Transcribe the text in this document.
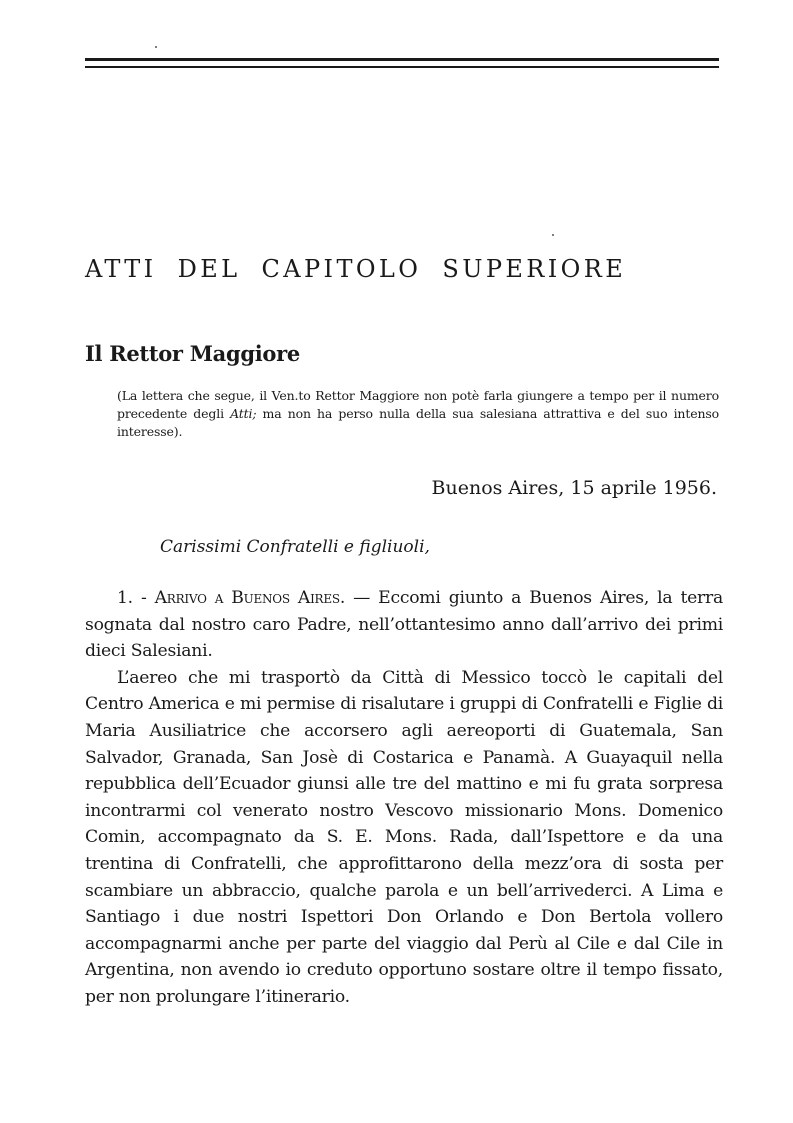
ATTI DEL CAPITOLO SUPERIORE
Il Rettor Maggiore

(La lettera che segue, il Ven.to Rettor Maggiore non potè farla giungere a tempo per il numero precedente degli Atti; ma non ha perso nulla della sua salesiana attrattiva e del suo intenso interesse).

Buenos Aires, 15 aprile 1956.
Carissimi Confratelli e figliuoli,

1. - Arrivo a Buenos Aires. — Eccomi giunto a Buenos Aires, la terra sognata dal nostro caro Padre, nell’ottantesimo anno dall’arrivo dei primi dieci Salesiani.

L’aereo che mi trasportò da Città di Messico toccò le capitali del Centro America e mi permise di risalutare i gruppi di Confratelli e Figlie di Maria Ausiliatrice che accorsero agli aereoporti di Guatemala, San Salvador, Granada, San Josè di Costarica e Panamà. A Guayaquil nella repubblica dell’Ecuador giunsi alle tre del mattino e mi fu grata sorpresa incontrarmi col venerato nostro Vescovo missionario Mons. Domenico Comin, accompagnato da S. E. Mons. Rada, dall’Ispettore e da una trentina di Confratelli, che approfittarono della mezz’ora di sosta per scambiare un abbraccio, qualche parola e un bell’arrivederci. A Lima e Santiago i due nostri Ispettori Don Orlando e Don Bertola vollero accompagnarmi anche per parte del viaggio dal Perù al Cile e dal Cile in Argentina, non avendo io creduto opportuno sostare oltre il tempo fissato, per non prolungare l’itinerario.
